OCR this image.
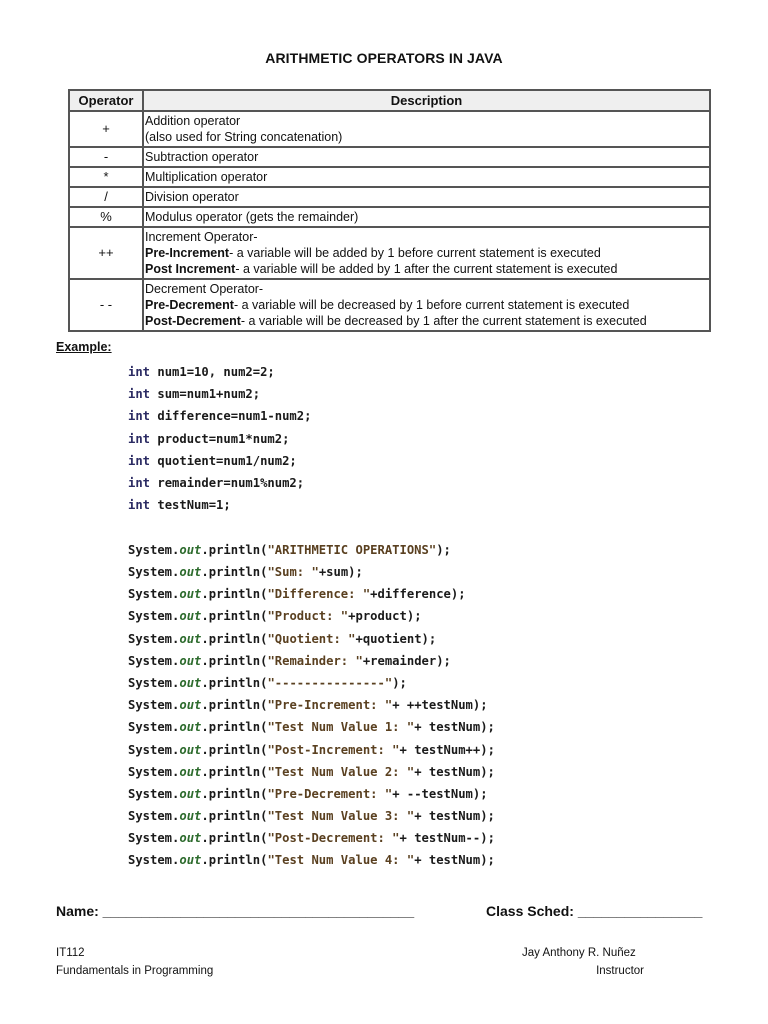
ARITHMETIC OPERATORS IN JAVA
Operator	Description
+	Addition operator
(also used for String concatenation)

-	Subtraction operator

*	Multiplication operator

/	Division operator

%	Modulus operator (gets the remainder)

++	Increment Operator-
Pre-Increment- a variable will be added by 1 before current statement is executed
Post Increment- a variable will be added by 1 after the current statement is executed

- -	Decrement Operator-
Pre-Decrement- a variable will be decreased by 1 before current statement is executed
Post-Decrement- a variable will be decreased by 1 after the current statement is executed
Example:
int num1=10, num2=2;
int sum=num1+num2;
int difference=num1-num2;
int product=num1*num2;
int quotient=num1/num2;
int remainder=num1%num2;
int testNum=1;
System.out.println("ARITHMETIC OPERATIONS");
System.out.println("Sum: "+sum);
System.out.println("Difference: "+difference);
System.out.println("Product: "+product);
System.out.println("Quotient: "+quotient);
System.out.println("Remainder: "+remainder);
System.out.println("---------------");
System.out.println("Pre-Increment: "+ ++testNum);
System.out.println("Test Num Value 1: "+ testNum);
System.out.println("Post-Increment: "+ testNum++);
System.out.println("Test Num Value 2: "+ testNum);
System.out.println("Pre-Decrement: "+ --testNum);
System.out.println("Test Num Value 3: "+ testNum);
System.out.println("Post-Decrement: "+ testNum--);
System.out.println("Test Num Value 4: "+ testNum);
Name: ________________________________________	Class Sched: ________________
IT112
Fundamentals in Programming
Jay Anthony R. Nuñez
Instructor
